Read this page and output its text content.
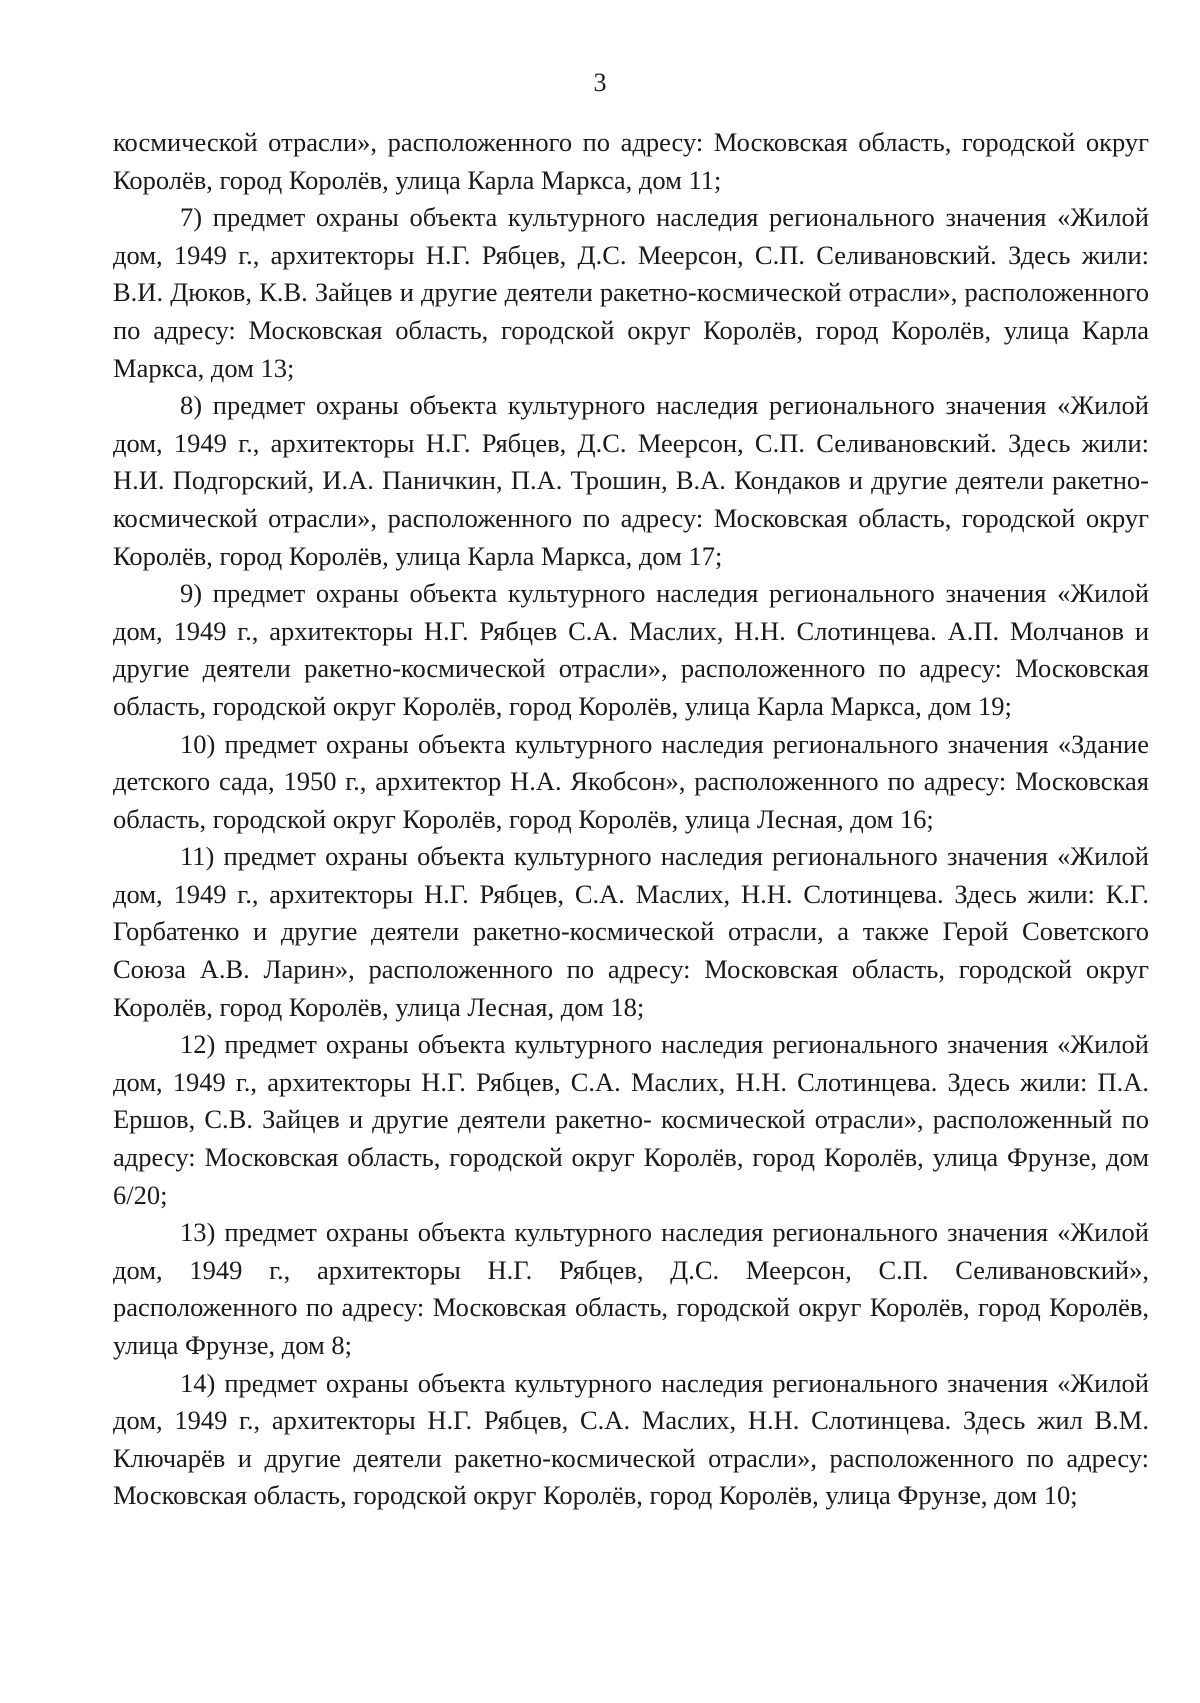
3

космической отрасли», расположенного по адресу: Московская область, городской округ Королёв, город Королёв, улица Карла Маркса, дом 11;

7) предмет охраны объекта культурного наследия регионального значения «Жилой дом, 1949 г., архитекторы Н.Г. Рябцев, Д.С. Меерсон, С.П. Селивановский. Здесь жили: В.И. Дюков, К.В. Зайцев и другие деятели ракетно-космической отрасли», расположенного по адресу: Московская область, городской округ Королёв, город Королёв, улица Карла Маркса, дом 13;

8) предмет охраны объекта культурного наследия регионального значения «Жилой дом, 1949 г., архитекторы Н.Г. Рябцев, Д.С. Меерсон, С.П. Селивановский. Здесь жили: Н.И. Подгорский, И.А. Паничкин, П.А. Трошин, В.А. Кондаков и другие деятели ракетно-космической отрасли», расположенного по адресу: Московская область, городской округ Королёв, город Королёв, улица Карла Маркса, дом 17;

9) предмет охраны объекта культурного наследия регионального значения «Жилой дом, 1949 г., архитекторы Н.Г. Рябцев С.А. Маслих, Н.Н. Слотинцева. А.П. Молчанов и другие деятели ракетно-космической отрасли», расположенного по адресу: Московская область, городской округ Королёв, город Королёв, улица Карла Маркса, дом 19;

10) предмет охраны объекта культурного наследия регионального значения «Здание детского сада, 1950 г., архитектор Н.А. Якобсон», расположенного по адресу: Московская область, городской округ Королёв, город Королёв, улица Лесная, дом 16;

11) предмет охраны объекта культурного наследия регионального значения «Жилой дом, 1949 г., архитекторы Н.Г. Рябцев, С.А. Маслих, Н.Н. Слотинцева. Здесь жили: К.Г. Горбатенко и другие деятели ракетно-космической отрасли, а также Герой Советского Союза А.В. Ларин», расположенного по адресу: Московская область, городской округ Королёв, город Королёв, улица Лесная, дом 18;

12) предмет охраны объекта культурного наследия регионального значения «Жилой дом, 1949 г., архитекторы Н.Г. Рябцев, С.А. Маслих, Н.Н. Слотинцева. Здесь жили: П.А. Ершов, С.В. Зайцев и другие деятели ракетно- космической отрасли», расположенный по адресу: Московская область, городской округ Королёв, город Королёв, улица Фрунзе, дом 6/20;

13) предмет охраны объекта культурного наследия регионального значения «Жилой дом, 1949 г., архитекторы Н.Г. Рябцев, Д.С. Меерсон, С.П. Селивановский», расположенного по адресу: Московская область, городской округ Королёв, город Королёв, улица Фрунзе, дом 8;

14) предмет охраны объекта культурного наследия регионального значения «Жилой дом, 1949 г., архитекторы Н.Г. Рябцев, С.А. Маслих, Н.Н. Слотинцева. Здесь жил В.М. Ключарёв и другие деятели ракетно-космической отрасли», расположенного по адресу: Московская область, городской округ Королёв, город Королёв, улица Фрунзе, дом 10;
